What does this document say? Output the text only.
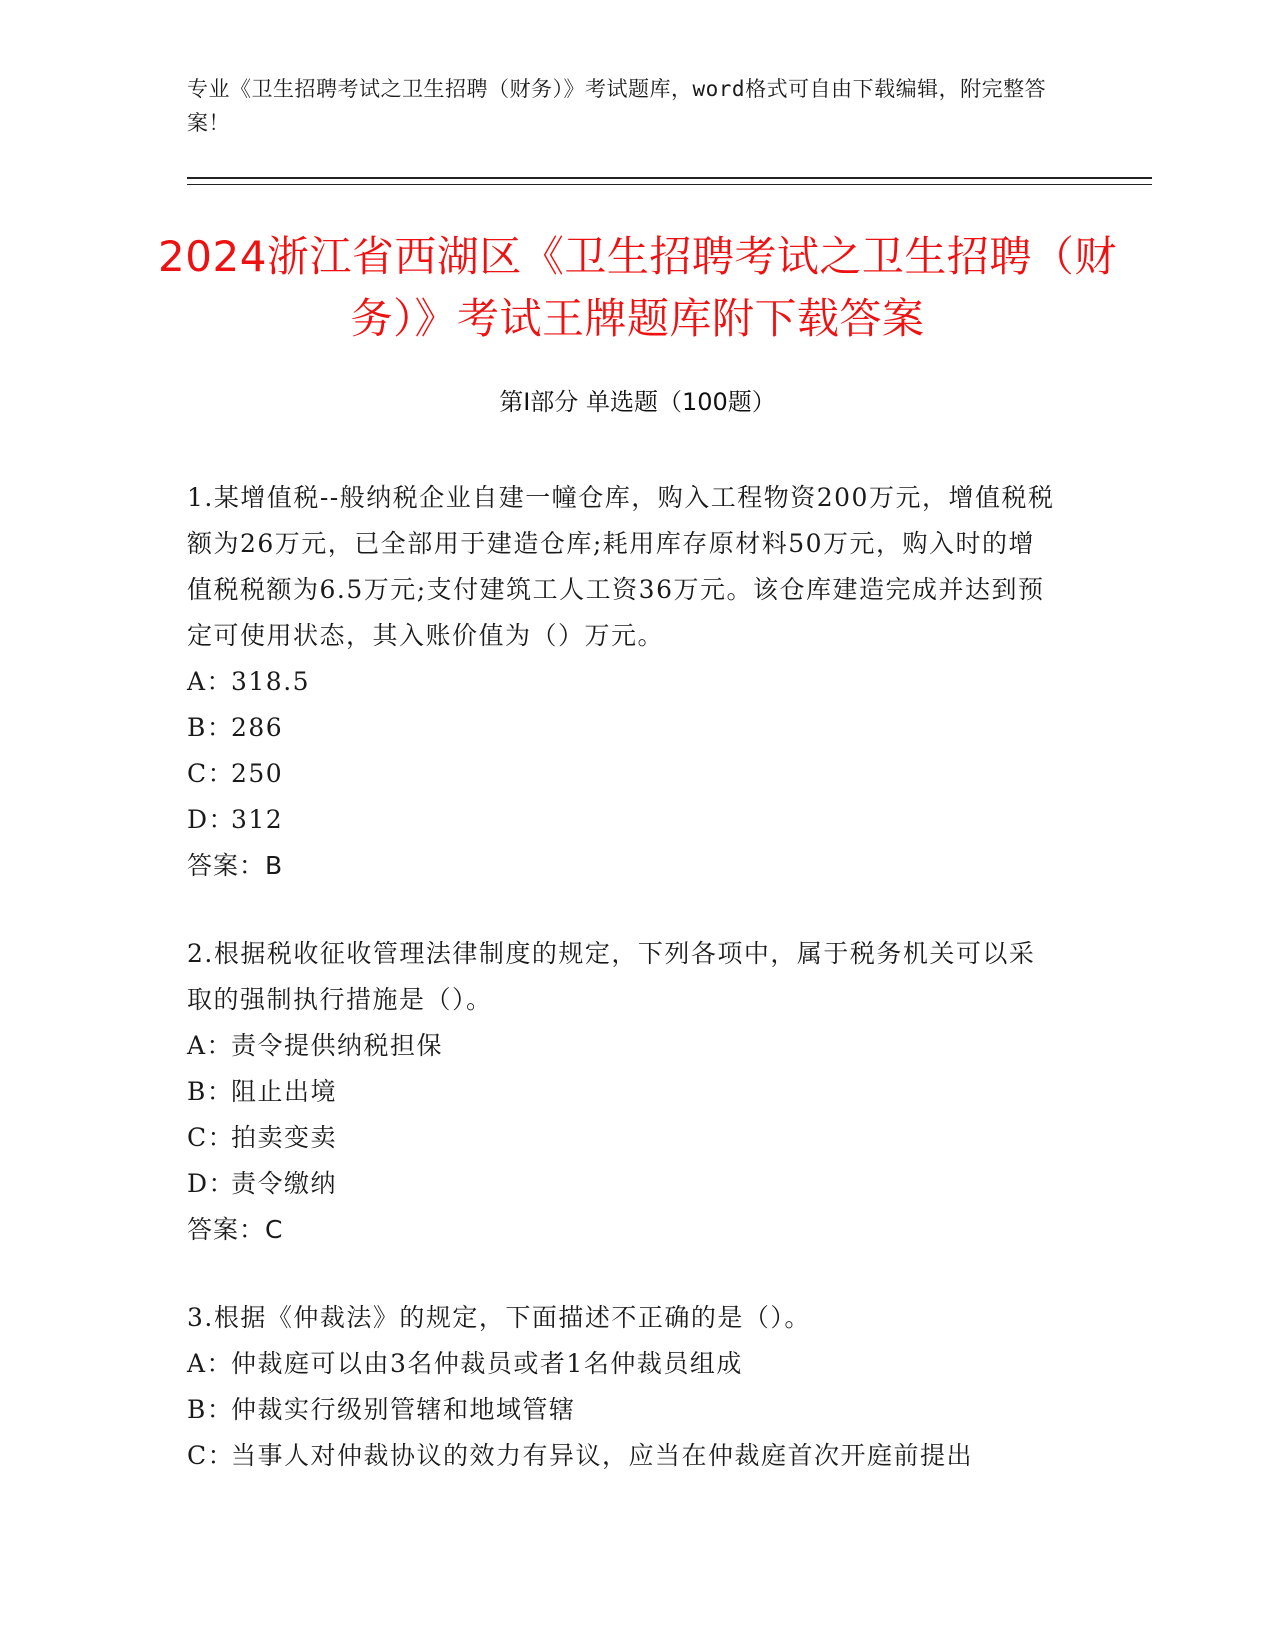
专业《卫生招聘考试之卫生招聘（财务）》考试题库，word格式可自由下载编辑，附完整答案！
2024浙江省西湖区《卫生招聘考试之卫生招聘（财务）》考试王牌题库附下载答案
第Ⅰ部分 单选题（100题）

1.某增值税--般纳税企业自建一幢仓库，购入工程物资200万元，增值税税额为26万元，已全部用于建造仓库;耗用库存原材料50万元，购入时的增值税税额为6.5万元;支付建筑工人工资36万元。该仓库建造完成并达到预定可使用状态，其入账价值为（）万元。

A：
318.5
B：
286
C：
250
D：
312
答案：B

2.根据税收征收管理法律制度的规定，下列各项中，属于税务机关可以采取的强制执行措施是（）。

A：
责令提供纳税担保
B：
阻止出境
C：
拍卖变卖
D：
责令缴纳
答案：C

3.根据《仲裁法》的规定，下面描述不正确的是（）。

A：
仲裁庭可以由3名仲裁员或者1名仲裁员组成
B：
仲裁实行级别管辖和地域管辖
C：
当事人对仲裁协议的效力有异议，应当在仲裁庭首次开庭前提出
